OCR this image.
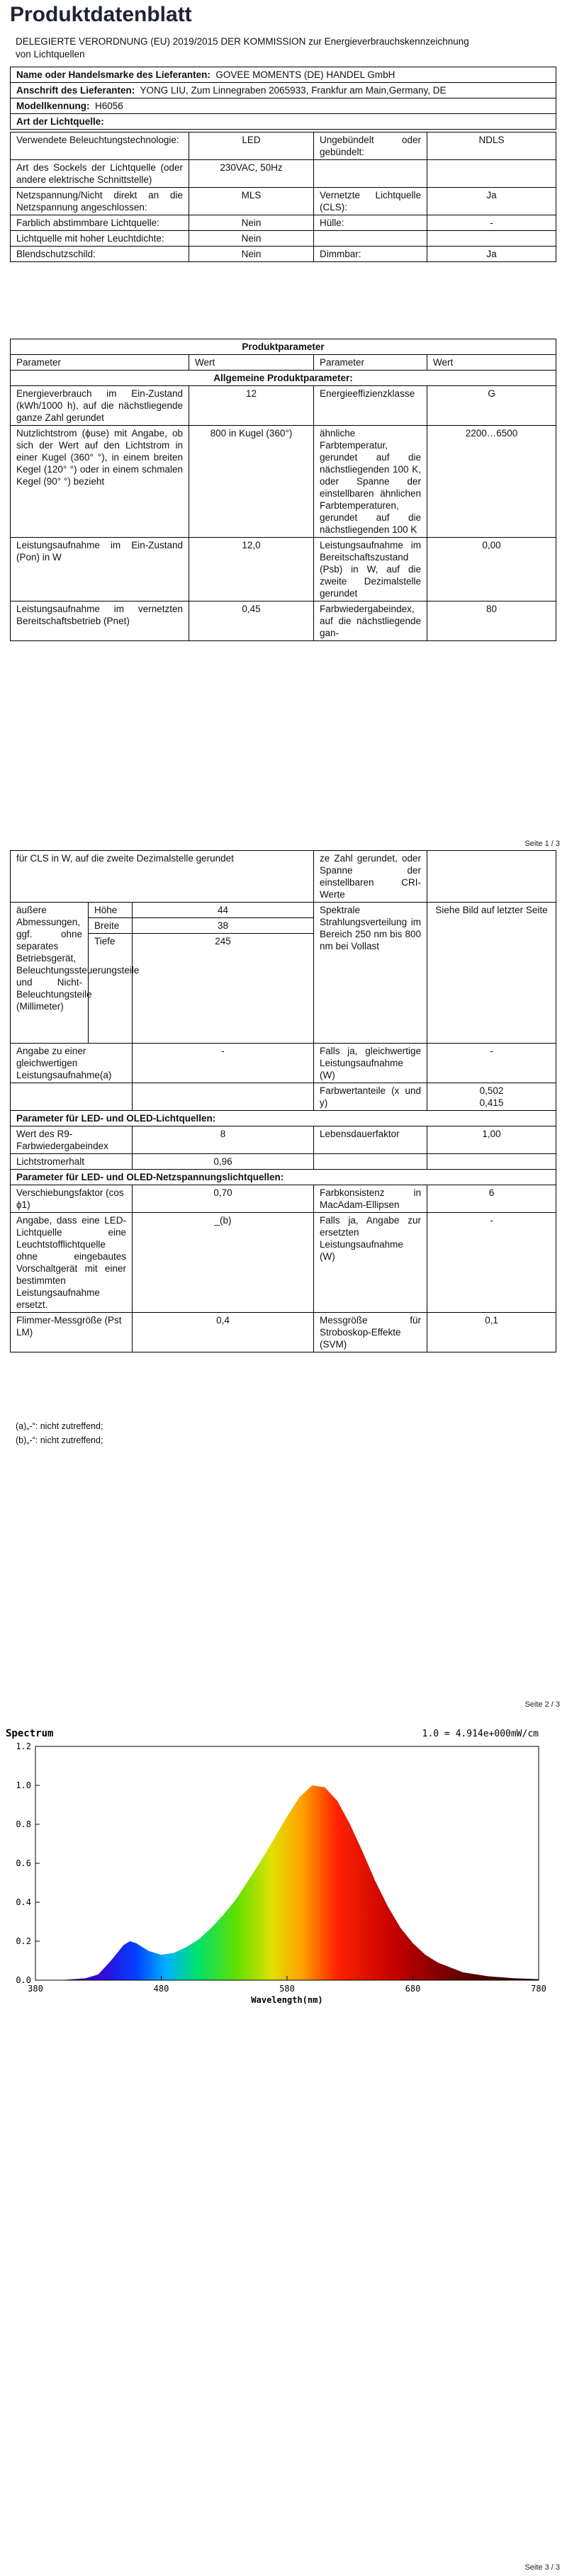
Produktdatenblatt
DELEGIERTE VERORDNUNG (EU) 2019/2015 DER KOMMISSION zur Energieverbrauchskennzeichnung von Lichtquellen
Name oder Handelsmarke des Lieferanten: GOVEE MOMENTS (DE) HANDEL GmbH
Anschrift des Lieferanten: YONG LIU, Zum Linnegraben 2065933, Frankfur am Main,Germany, DE
Modellkennung: H6056
Art der Lichtquelle:
Verwendete Beleuchtungstechnologie:	LED	Ungebündelt oder gebündelt:	NDLS
Art des Sockels der Lichtquelle (oder andere elektrische Schnittstelle)	230VAC, 50Hz		
Netzspannung/Nicht direkt an die Netzspannung angeschlossen:	MLS	Vernetzte Lichtquelle (CLS):	Ja
Farblich abstimmbare Lichtquelle:	Nein	Hülle:	-
Lichtquelle mit hoher Leuchtdichte:	Nein		
Blendschutzschild:	Nein	Dimmbar:	Ja
Produktparameter			
Parameter	Wert	Parameter	Wert
Allgemeine Produktparameter:			
Energieverbrauch im Ein-Zustand (kWh/1000 h), auf die nächstliegende ganze Zahl gerundet	12	Energieeffizienzklasse	G
Nutzlichtstrom (ϕuse) mit Angabe, ob sich der Wert auf den Lichtstrom in einer Kugel (360° °), in einem breiten Kegel (120° °) oder in einem schmalen Kegel (90° °) bezieht	800 in Kugel (360°)	ähnliche Farbtemperatur, gerundet auf die nächstliegenden 100 K, oder Spanne der einstellbaren ähnlichen Farbtemperaturen, gerundet auf die nächstliegenden 100 K	2200…6500
Leistungsaufnahme im Ein-Zustand (Pon) in W	12,0	Leistungsaufnahme im Bereitschaftszustand (Psb) in W, auf die zweite Dezimalstelle gerundet	0,00
Leistungsaufnahme im vernetzten Bereitschaftsbetrieb (Pnet)	0,45	Farbwiedergabeindex, auf die nächstliegende gan-	80
Seite 1 / 3
für CLS in W, auf die zweite Dezimalstelle gerundet			ze Zahl gerundet, oder Spanne der einstellbaren CRI-Werte	
äußere Abmessungen, ggf. ohne separates Betriebsgerät, Beleuchtungssteuerungsteile und Nicht-Beleuchtungsteile (Millimeter)	Höhe	44	Spektrale Strahlungsverteilung im Bereich 250 nm bis 800 nm bei Vollast	Siehe Bild auf letzter Seite
	Breite	38		
	Tiefe	245		
Angabe zu einer gleichwertigen Leistungsaufnahme(a)		-	Falls ja, gleichwertige Leistungsaufnahme (W)	-
			Farbwertanteile (x und y)	0,502
0,415
Parameter für LED- und OLED-Lichtquellen:				
Wert des R9-Farbwiedergabeindex		8	Lebensdauerfaktor	1,00
Lichtstromerhalt		0,96		
Parameter für LED- und OLED-Netzspannungslichtquellen:				
Verschiebungsfaktor (cos ϕ1)		0,70	Farbkonsistenz in MacAdam-Ellipsen	6
Angabe, dass eine LED-Lichtquelle eine Leuchtstofflichtquelle ohne eingebautes Vorschaltgerät mit einer bestimmten Leistungsaufnahme ersetzt.		_(b)	Falls ja, Angabe zur ersetzten Leistungsaufnahme (W)	-
Flimmer-Messgröße (Pst LM)		0,4	Messgröße für Stroboskop-Effekte (SVM)	0,1
(a)„-“: nicht zutreffend;
(b)„-“: nicht zutreffend;
Seite 2 / 3
Spectrum	1.0 = 4.914e+000mW/cm
0.0
0.2
0.4
0.6
0.8
1.0
1.2
380	480	580	680	780
Wavelength(nm)
Seite 3 / 3
